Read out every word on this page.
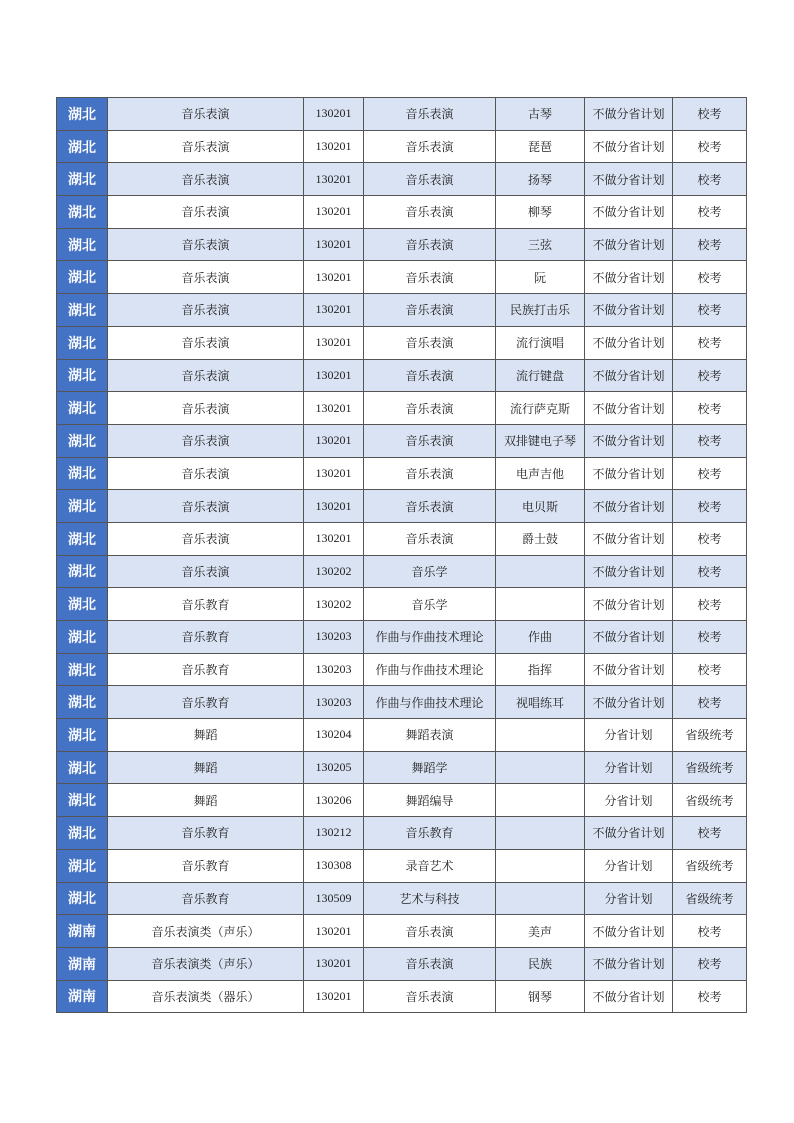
湖北	音乐表演	130201	音乐表演	古琴	不做分省计划	校考
湖北	音乐表演	130201	音乐表演	琵琶	不做分省计划	校考
湖北	音乐表演	130201	音乐表演	扬琴	不做分省计划	校考
湖北	音乐表演	130201	音乐表演	柳琴	不做分省计划	校考
湖北	音乐表演	130201	音乐表演	三弦	不做分省计划	校考
湖北	音乐表演	130201	音乐表演	阮	不做分省计划	校考
湖北	音乐表演	130201	音乐表演	民族打击乐	不做分省计划	校考
湖北	音乐表演	130201	音乐表演	流行演唱	不做分省计划	校考
湖北	音乐表演	130201	音乐表演	流行键盘	不做分省计划	校考
湖北	音乐表演	130201	音乐表演	流行萨克斯	不做分省计划	校考
湖北	音乐表演	130201	音乐表演	双排键电子琴	不做分省计划	校考
湖北	音乐表演	130201	音乐表演	电声吉他	不做分省计划	校考
湖北	音乐表演	130201	音乐表演	电贝斯	不做分省计划	校考
湖北	音乐表演	130201	音乐表演	爵士鼓	不做分省计划	校考
湖北	音乐表演	130202	音乐学		不做分省计划	校考
湖北	音乐教育	130202	音乐学		不做分省计划	校考
湖北	音乐教育	130203	作曲与作曲技术理论	作曲	不做分省计划	校考
湖北	音乐教育	130203	作曲与作曲技术理论	指挥	不做分省计划	校考
湖北	音乐教育	130203	作曲与作曲技术理论	视唱练耳	不做分省计划	校考
湖北	舞蹈	130204	舞蹈表演		分省计划	省级统考
湖北	舞蹈	130205	舞蹈学		分省计划	省级统考
湖北	舞蹈	130206	舞蹈编导		分省计划	省级统考
湖北	音乐教育	130212	音乐教育		不做分省计划	校考
湖北	音乐教育	130308	录音艺术		分省计划	省级统考
湖北	音乐教育	130509	艺术与科技		分省计划	省级统考
湖南	音乐表演类（声乐）	130201	音乐表演	美声	不做分省计划	校考
湖南	音乐表演类（声乐）	130201	音乐表演	民族	不做分省计划	校考
湖南	音乐表演类（器乐）	130201	音乐表演	钢琴	不做分省计划	校考
